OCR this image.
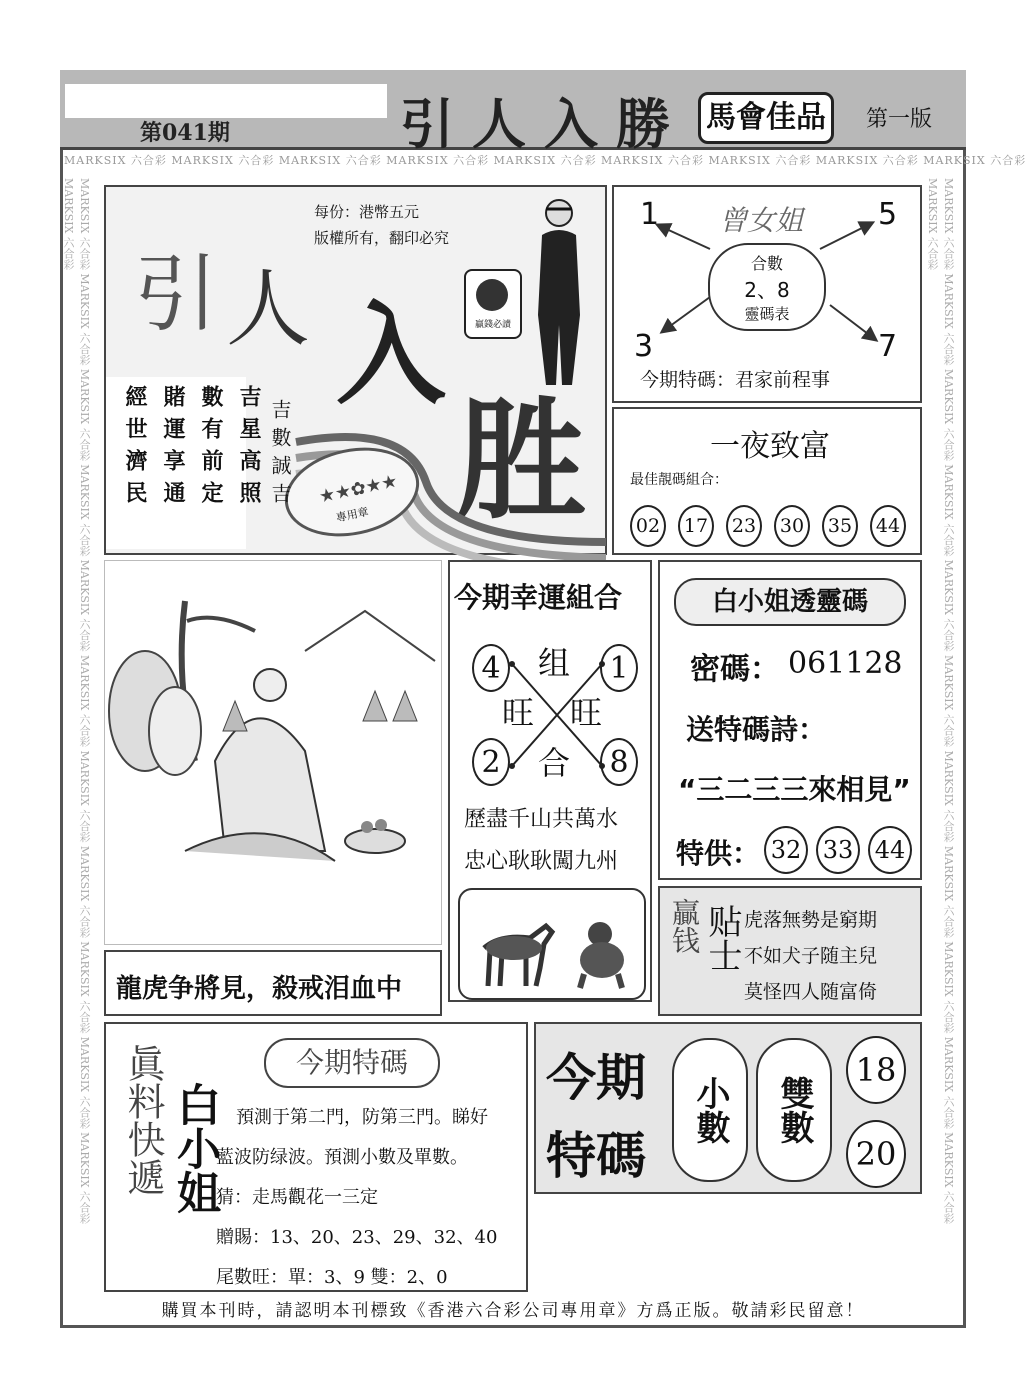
第041期	引人入勝 馬會佳品	第一版
MARKSIX 六合彩 MARKSIX 六合彩 MARKSIX 六合彩 MARKSIX 六合彩 MARKSIX 六合彩 MARKSIX 六合彩 MARKSIX 六合彩 MARKSIX 六合彩 MARKSIX 六合彩
MARKSIX 六合彩 MARKSIX 六合彩 MARKSIX 六合彩 MARKSIX 六合彩 MARKSIX 六合彩 MARKSIX 六合彩 MARKSIX 六合彩 MARKSIX 六合彩 MARKSIX 六合彩 MARKSIX 六合彩 MARKSIX 六合彩 MARKSIX 六合彩	MARKSIX 六合彩 MARKSIX 六合彩 MARKSIX 六合彩 MARKSIX 六合彩 MARKSIX 六合彩 MARKSIX 六合彩 MARKSIX 六合彩 MARKSIX 六合彩 MARKSIX 六合彩 MARKSIX 六合彩 MARKSIX 六合彩 MARKSIX 六合彩
每份：港幣五元
版權所有，翻印必究
引 人 入
胜
贏錢必讀
★★✿★★
專用章
經世濟民 賭運享通 數有前定 吉星高照 吉數誠吉
曾女姐
1	5
3	7
合數
2、8
靈碼表
今期特碼：君家前程事
一夜致富
最佳靚碼組合：
02	17	23	30	35	44
今期幸運組合
4	1
2	8
组
旺 旺
合
歷盡千山共萬水
忠心耿耿闖九州
白小姐透靈碼
密碼： 061128
送特碼詩：
“三二三三來相見”
特供： 32 33 44
贏钱 贴士 虎落無勢是窮期
不如犬子随主兒
莫怪四人随富倚
龍虎争將見，殺戒泪血中
眞料快遞 白小姐
今期特碼
預測于第二門，防第三門。睇好
藍波防绿波。預測小數及單數。
猜：走馬觀花一三定
贈賜：13、20、23、29、32、40
尾數旺：單：3、9 雙：2、0
今期
特碼
小數	雙數
18
20
購買本刊時，請認明本刊標致《香港六合彩公司專用章》方爲正版。敬請彩民留意！
